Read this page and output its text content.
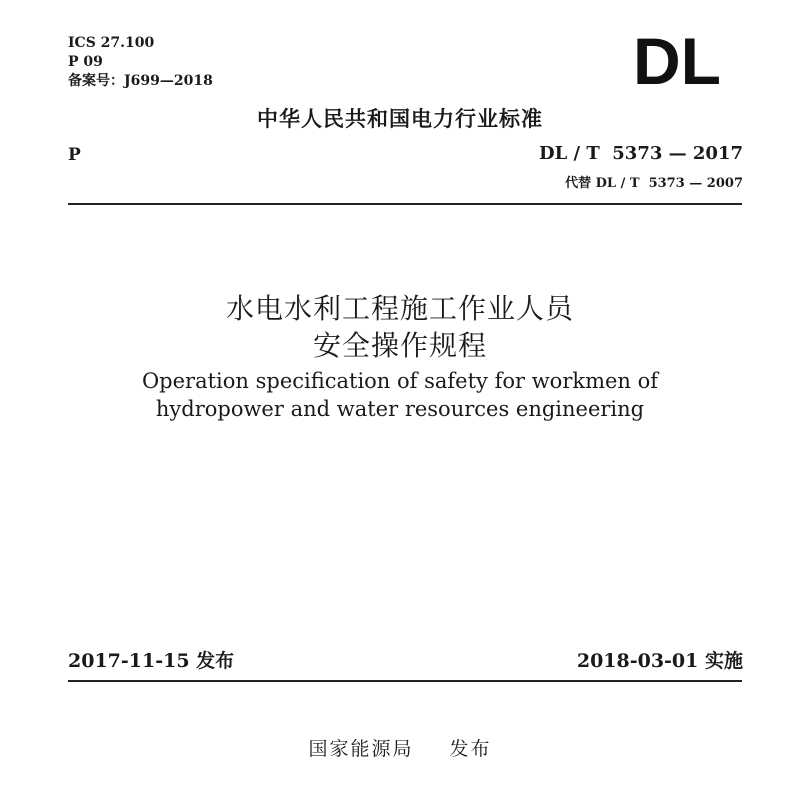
ICS 27.100
P 09
备案号：J699—2018	DL
中华人民共和国电力行业标准
P	DL / T  5373 — 2017
代替 DL / T  5373 — 2007
水电水利工程施工作业人员
安全操作规程
Operation specification of safety for workmen of
hydropower and water resources engineering
2017-11-15 发布	2018-03-01 实施
国家能源局 发布
